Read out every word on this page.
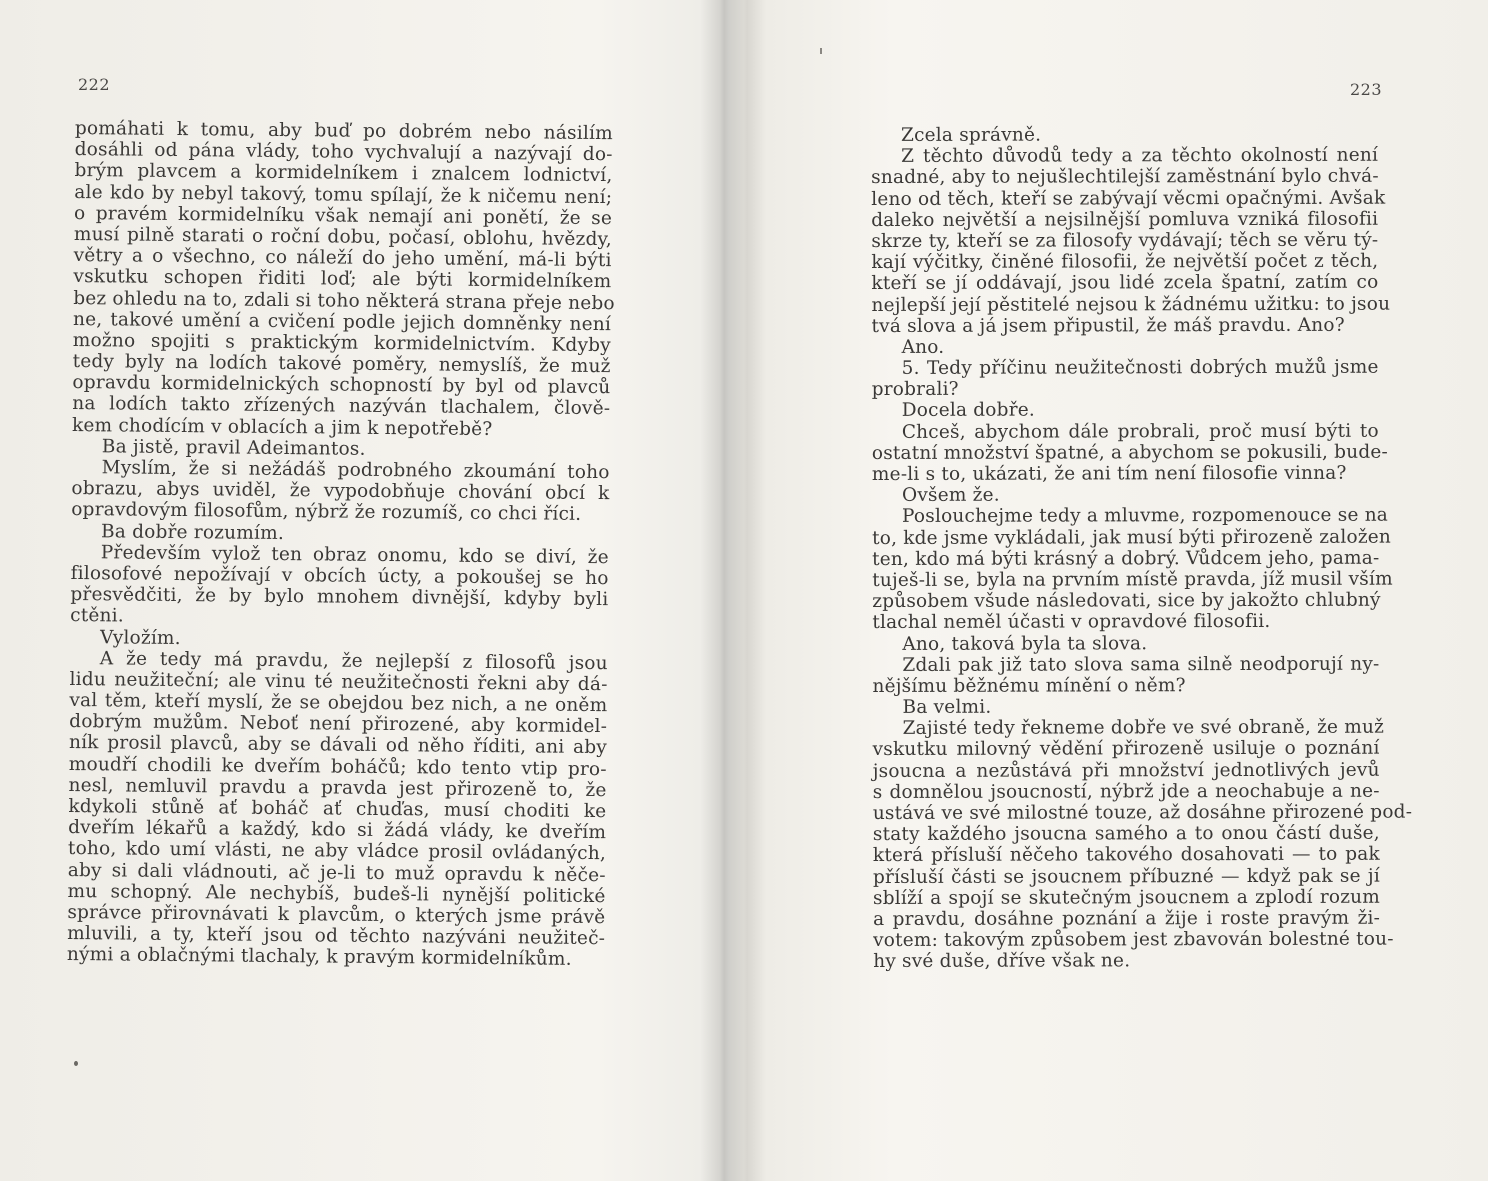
222
pomáhati k tomu, aby buď po dobrém nebo násilím
dosáhli od pána vlády, toho vychvalují a nazývají do-
brým plavcem a kormidelníkem i znalcem lodnictví,
ale kdo by nebyl takový, tomu spílají, že k ničemu není;
o pravém kormidelníku však nemají ani ponětí, že se
musí pilně starati o roční dobu, počasí, oblohu, hvězdy,
větry a o všechno, co náleží do jeho umění, má-li býti
vskutku schopen řiditi loď; ale býti kormidelníkem
bez ohledu na to, zdali si toho některá strana přeje nebo
ne, takové umění a cvičení podle jejich domněnky není
možno spojiti s praktickým kormidelnictvím. Kdyby
tedy byly na lodích takové poměry, nemyslíš, že muž
opravdu kormidelnických schopností by byl od plavců
na lodích takto zřízených nazýván tlachalem, člově-
kem chodícím v oblacích a jim k nepotřebě?
Ba jistě, pravil Adeimantos.
Myslím, že si nežádáš podrobného zkoumání toho
obrazu, abys uviděl, že vypodobňuje chování obcí k
opravdovým filosofům, nýbrž že rozumíš, co chci říci.
Ba dobře rozumím.
Především vylož ten obraz onomu, kdo se diví, že
filosofové nepožívají v obcích úcty, a pokoušej se ho
přesvědčiti, že by bylo mnohem divnější, kdyby byli
ctěni.
Vyložím.
A že tedy má pravdu, že nejlepší z filosofů jsou
lidu neužiteční; ale vinu té neužitečnosti řekni aby dá-
val těm, kteří myslí, že se obejdou bez nich, a ne oněm
dobrým mužům. Neboť není přirozené, aby kormidel-
ník prosil plavců, aby se dávali od něho říditi, ani aby
moudří chodili ke dveřím boháčů; kdo tento vtip pro-
nesl, nemluvil pravdu a pravda jest přirozeně to, že
kdykoli stůně ať boháč ať chuďas, musí choditi ke
dveřím lékařů a každý, kdo si žádá vlády, ke dveřím
toho, kdo umí vlásti, ne aby vládce prosil ovládaných,
aby si dali vládnouti, ač je-li to muž opravdu k něče-
mu schopný. Ale nechybíš, budeš-li nynější politické
správce přirovnávati k plavcům, o kterých jsme právě
mluvili, a ty, kteří jsou od těchto nazýváni neužiteč-
nými a oblačnými tlachaly, k pravým kormidelníkům.
223
Zcela správně.
Z těchto důvodů tedy a za těchto okolností není
snadné, aby to nejušlechtilejší zaměstnání bylo chvá-
leno od těch, kteří se zabývají věcmi opačnými. Avšak
daleko největší a nejsilnější pomluva vzniká filosofii
skrze ty, kteří se za filosofy vydávají; těch se věru tý-
kají výčitky, činěné filosofii, že největší počet z těch,
kteří se jí oddávají, jsou lidé zcela špatní, zatím co
nejlepší její pěstitelé nejsou k žádnému užitku: to jsou
tvá slova a já jsem připustil, že máš pravdu. Ano?
Ano.
5. Tedy příčinu neužitečnosti dobrých mužů jsme
probrali?
Docela dobře.
Chceš, abychom dále probrali, proč musí býti to
ostatní množství špatné, a abychom se pokusili, bude-
me-li s to, ukázati, že ani tím není filosofie vinna?
Ovšem že.
Poslouchejme tedy a mluvme, rozpomenouce se na
to, kde jsme vykládali, jak musí býti přirozeně založen
ten, kdo má býti krásný a dobrý. Vůdcem jeho, pama-
tuješ-li se, byla na prvním místě pravda, jíž musil vším
způsobem všude následovati, sice by jakožto chlubný
tlachal neměl účasti v opravdové filosofii.
Ano, taková byla ta slova.
Zdali pak již tato slova sama silně neodporují ny-
nějšímu běžnému mínění o něm?
Ba velmi.
Zajisté tedy řekneme dobře ve své obraně, že muž
vskutku milovný vědění přirozeně usiluje o poznání
jsoucna a nezůstává při množství jednotlivých jevů
s domnělou jsoucností, nýbrž jde a neochabuje a ne-
ustává ve své milostné touze, až dosáhne přirozené pod-
staty každého jsoucna samého a to onou částí duše,
která přísluší něčeho takového dosahovati — to pak
přísluší části se jsoucnem příbuzné — když pak se jí
sblíží a spojí se skutečným jsoucnem a zplodí rozum
a pravdu, dosáhne poznání a žije i roste pravým ži-
votem: takovým způsobem jest zbavován bolestné tou-
hy své duše, dříve však ne.
